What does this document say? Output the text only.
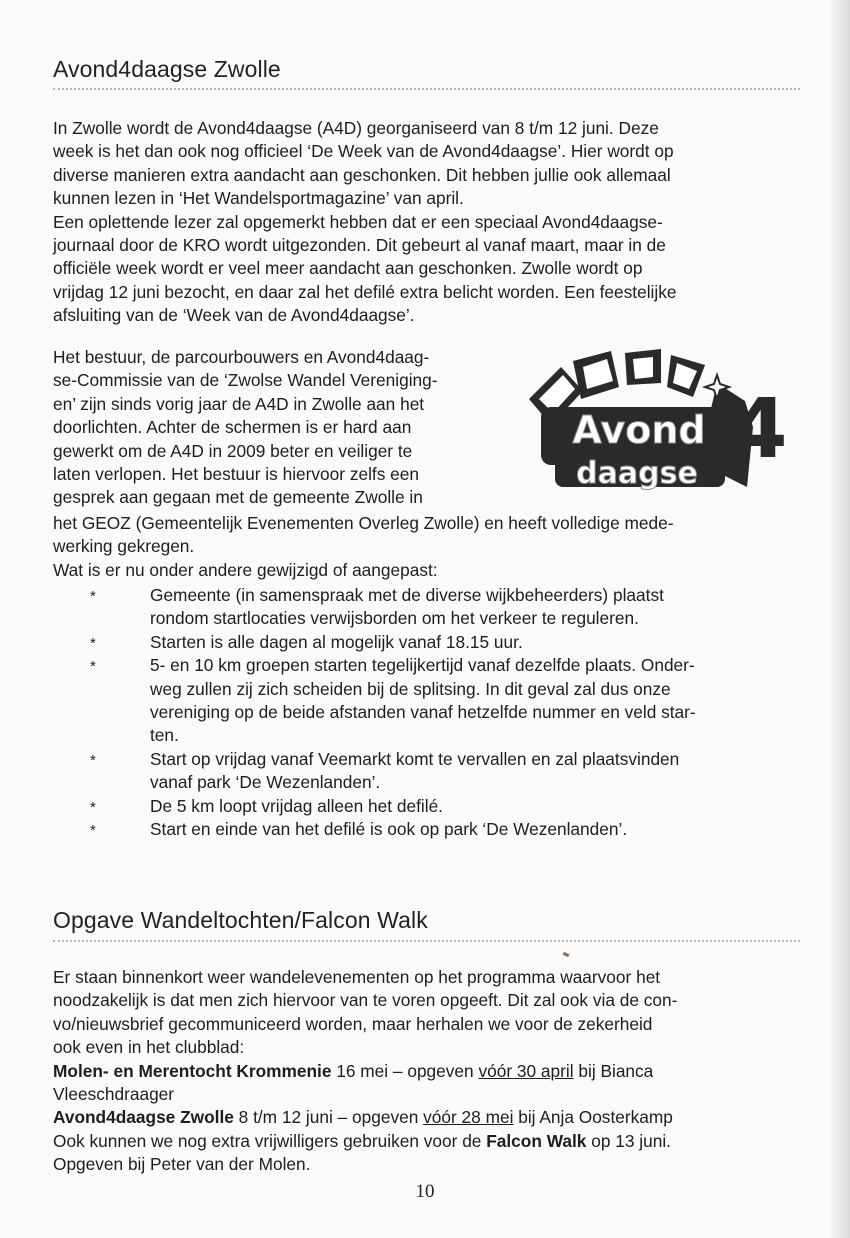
Avond4daagse Zwolle

In Zwolle wordt de Avond4daagse (A4D) georganiseerd van 8 t/m 12 juni. Deze
week is het dan ook nog officieel ‘De Week van de Avond4daagse’. Hier wordt op
diverse manieren extra aandacht aan geschonken. Dit hebben jullie ook allemaal
kunnen lezen in ‘Het Wandelsportmagazine’ van april.
Een oplettende lezer zal opgemerkt hebben dat er een speciaal Avond4daagse-
journaal door de KRO wordt uitgezonden. Dit gebeurt al vanaf maart, maar in de
officiële week wordt er veel meer aandacht aan geschonken. Zwolle wordt op
vrijdag 12 juni bezocht, en daar zal het defilé extra belicht worden. Een feestelijke
afsluiting van de ‘Week van de Avond4daagse’.

Het bestuur, de parcourbouwers en Avond4daag-
se-Commissie van de ‘Zwolse Wandel Vereniging-
en’ zijn sinds vorig jaar de A4D in Zwolle aan het
doorlichten. Achter de schermen is er hard aan
gewerkt om de A4D in 2009 beter en veiliger te
laten verlopen. Het bestuur is hiervoor zelfs een
gesprek aan gegaan met de gemeente Zwolle in

Avond
daagse 4

het GEOZ (Gemeentelijk Evenementen Overleg Zwolle) en heeft volledige mede-
werking gekregen.
Wat is er nu onder andere gewijzigd of aangepast:

*	Gemeente (in samenspraak met de diverse wijkbeheerders) plaatst
rondom startlocaties verwijsborden om het verkeer te reguleren.
*	Starten is alle dagen al mogelijk vanaf 18.15 uur.
*	5- en 10 km groepen starten tegelijkertijd vanaf dezelfde plaats. Onder-
weg zullen zij zich scheiden bij de splitsing. In dit geval zal dus onze
vereniging op de beide afstanden vanaf hetzelfde nummer en veld star-
ten.
*	Start op vrijdag vanaf Veemarkt komt te vervallen en zal plaatsvinden
vanaf park ‘De Wezenlanden’.
*	De 5 km loopt vrijdag alleen het defilé.
*	Start en einde van het defilé is ook op park ‘De Wezenlanden’.
Opgave Wandeltochten/Falcon Walk

Er staan binnenkort weer wandelevenementen op het programma waarvoor het
noodzakelijk is dat men zich hiervoor van te voren opgeeft. Dit zal ook via de con-
vo/nieuwsbrief gecommuniceerd worden, maar herhalen we voor de zekerheid
ook even in het clubblad:
Molen- en Merentocht Krommenie 16 mei – opgeven vóór 30 april bij Bianca
Vleeschdraager
Avond4daagse Zwolle 8 t/m 12 juni – opgeven vóór 28 mei bij Anja Oosterkamp
Ook kunnen we nog extra vrijwilligers gebruiken voor de Falcon Walk op 13 juni.
Opgeven bij Peter van der Molen.

10
